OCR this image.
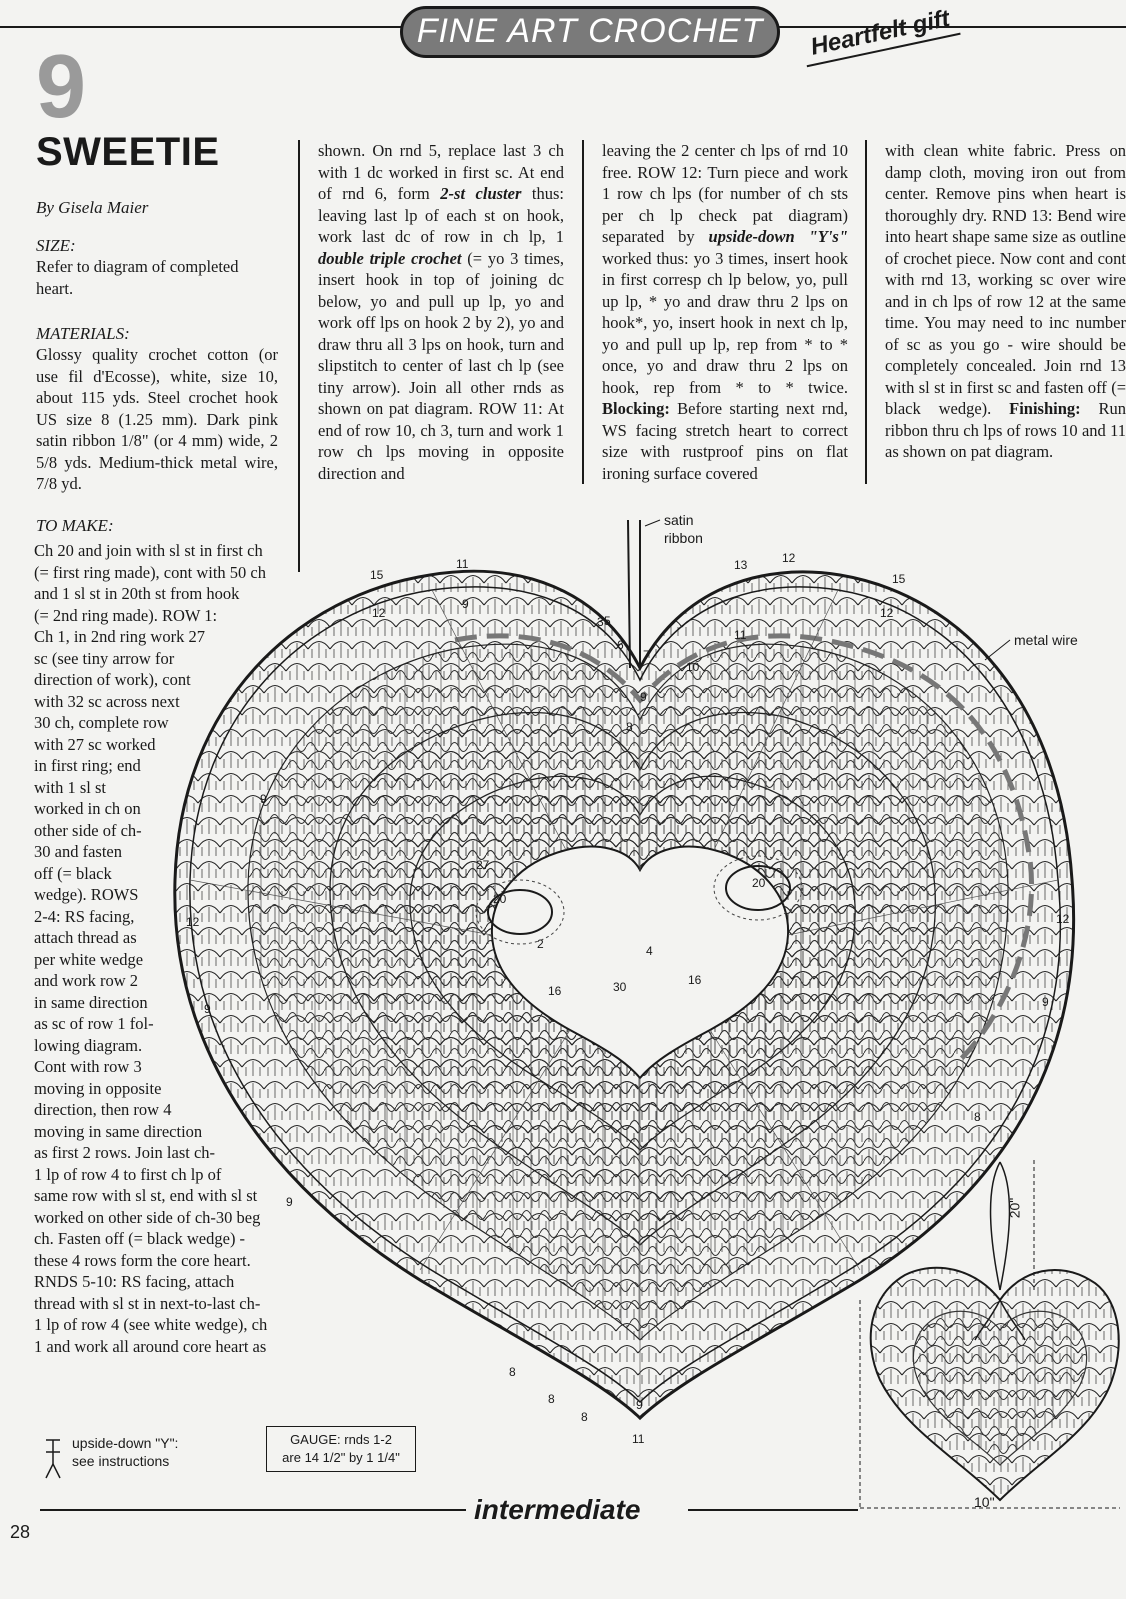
FINE ART CROCHET	Heartfelt gift
9
SWEETIE
By Gisela Maier
SIZE:

Refer to diagram of completed heart.

MATERIALS:

Glossy quality crochet cotton (or use fil d'Ecosse), white, size 10, about 115 yds. Steel crochet hook US size 8 (1.25 mm). Dark pink satin ribbon 1/8" (or 4 mm) wide, 2 5/8 yds. Medium-thick metal wire, 7/8 yd.

TO MAKE:
Ch 20 and join with sl st in first ch
(= first ring made), cont with 50 ch
and 1 sl st in 20th st from hook
(= 2nd ring made). ROW 1:
Ch 1, in 2nd ring work 27
sc (see tiny arrow for
direction of work), cont
with 32 sc across next
30 ch, complete row
with 27 sc worked
in first ring; end
with 1 sl st
worked in ch on
other side of ch-
30 and fasten
off (= black
wedge). ROWS
2-4: RS facing,
attach thread as
per white wedge
and work row 2
in same direction
as sc of row 1 fol-
lowing diagram.
Cont with row 3
moving in opposite
direction, then row 4
moving in same direction
as first 2 rows. Join last ch-
1 lp of row 4 to first ch lp of
same row with sl st, end with sl st
worked on other side of ch-30 beg
ch. Fasten off (= black wedge) -
these 4 rows form the core heart.
RNDS 5-10: RS facing, attach
thread with sl st in next-to-last ch-
1 lp of row 4 (see white wedge), ch
1 and work all around core heart as
shown. On rnd 5, replace last 3 ch with 1 dc worked in first sc. At end of rnd 6, form 2-st cluster thus: leaving last lp of each st on hook, work last dc of row in ch lp, 1 double triple crochet (= yo 3 times, insert hook in top of joining dc below, yo and pull up lp, yo and work off lps on hook 2 by 2), yo and draw thru all 3 lps on hook, turn and slipstitch to center of last ch lp (see tiny arrow). Join all other rnds as shown on pat diagram. ROW 11: At end of row 10, ch 3, turn and work 1 row ch lps moving in opposite direction and
leaving the 2 center ch lps of rnd 10 free. ROW 12: Turn piece and work 1 row ch lps (for number of ch sts per ch lp check pat diagram) separated by upside-down "Y's" worked thus: yo 3 times, insert hook in first corresp ch lp below, yo, pull up lp, * yo and draw thru 2 lps on hook*, yo, insert hook in next ch lp, yo and pull up lp, rep from * to * once, yo and draw thru 2 lps on hook, rep from * to * twice. Blocking: Before starting next rnd, WS facing stretch heart to correct size with rustproof pins on flat ironing surface covered
with clean white fabric. Press on damp cloth, moving iron out from center. Remove pins when heart is thoroughly dry. RND 13: Bend wire into heart shape same size as outline of crochet piece. Now cont and cont with rnd 13, working sc over wire and in ch lps of row 12 at the same time. You may need to inc number of sc as you go - wire should be completely concealed. Join rnd 13 with sl st in first sc and fasten off (= black wedge). Finishing: Run ribbon thru ch lps of rows 10 and 11 as shown on pat diagram.
satin
ribbon
metal wire
15
11
9
12
13	12
15
12
11
10
9
8
7
6
5
3
27
20
20
16	30	16
4
2
12	12
9
9
9
9
8
8
8
8
9
11
20"
10"
upside-down "Y":
see instructions
GAUGE: rnds 1-2
are 14 1/2" by 1 1/4"
intermediate
28
